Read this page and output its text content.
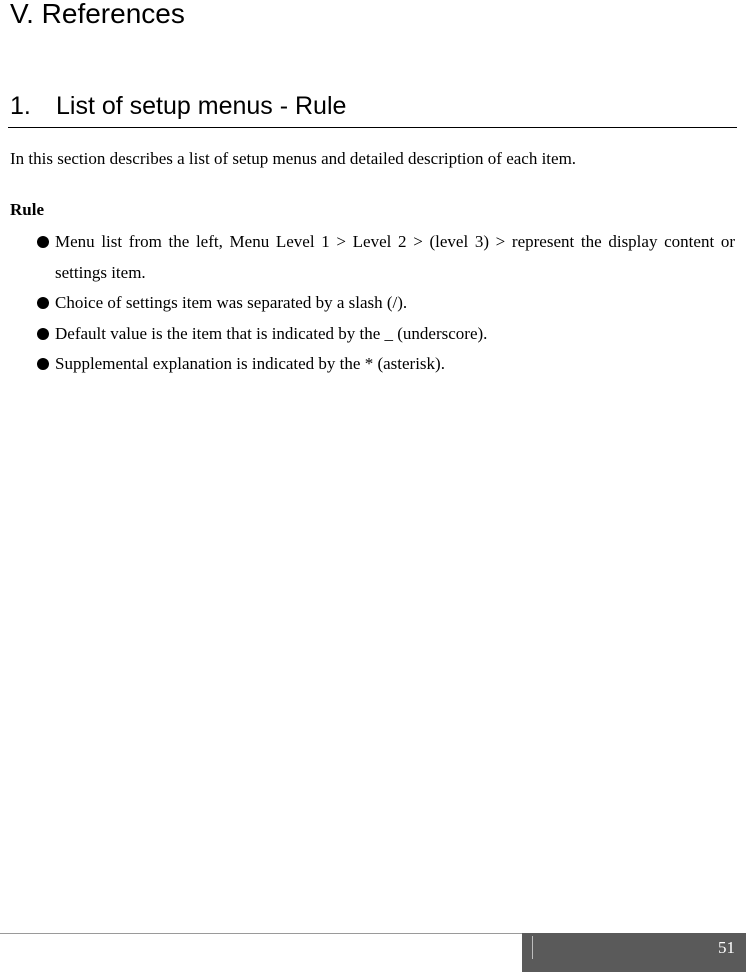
V. References
1. List of setup menus - Rule

In this section describes a list of setup menus and detailed description of each item.

Rule

Menu list from the left, Menu Level 1 > Level 2 > (level 3) > represent the display content or settings item.
Choice of settings item was separated by a slash (/).
Default value is the item that is indicated by the _ (underscore).
Supplemental explanation is indicated by the * (asterisk).
51
